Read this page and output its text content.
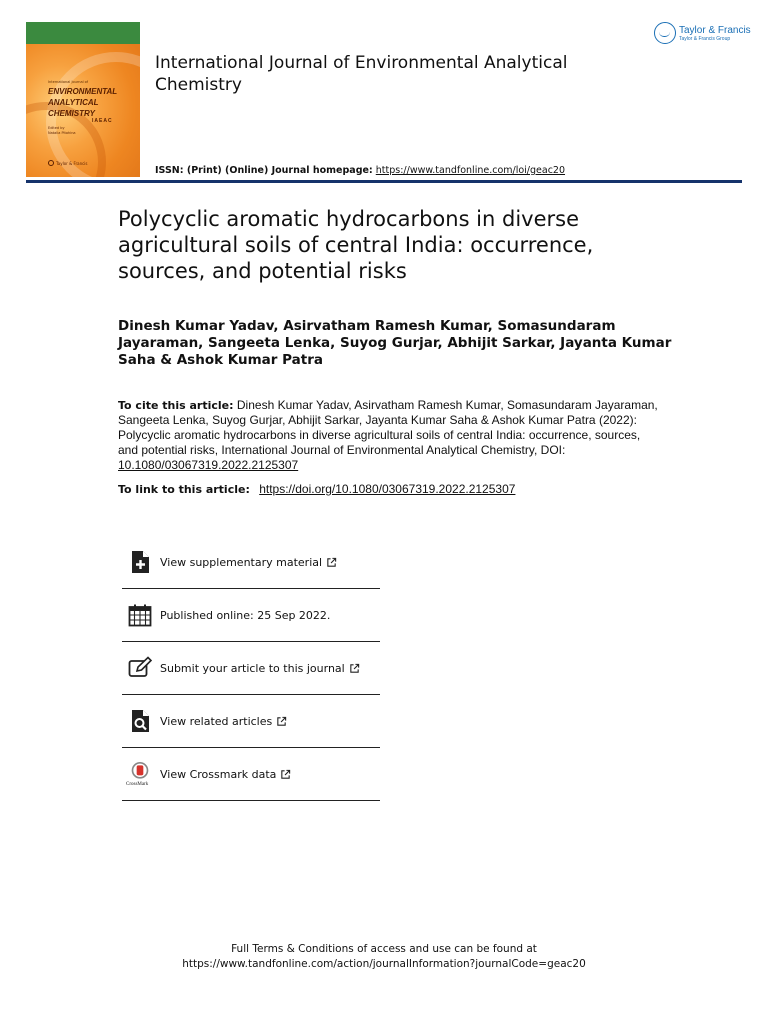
International Journal of
ENVIRONMENTAL
ANALYTICAL
CHEMISTRY
IAEAC
Edited by
Natalia Pitohina
Taylor & Francis
International Journal of Environmental Analytical Chemistry
ISSN: (Print) (Online) Journal homepage: https://www.tandfonline.com/loi/geac20
Taylor & Francis
Taylor & Francis Group
Polycyclic aromatic hydrocarbons in diverse agricultural soils of central India: occurrence, sources, and potential risks
Dinesh Kumar Yadav, Asirvatham Ramesh Kumar, Somasundaram Jayaraman, Sangeeta Lenka, Suyog Gurjar, Abhijit Sarkar, Jayanta Kumar Saha & Ashok Kumar Patra
To cite this article: Dinesh Kumar Yadav, Asirvatham Ramesh Kumar, Somasundaram Jayaraman, Sangeeta Lenka, Suyog Gurjar, Abhijit Sarkar, Jayanta Kumar Saha & Ashok Kumar Patra (2022): Polycyclic aromatic hydrocarbons in diverse agricultural soils of central India: occurrence, sources, and potential risks, International Journal of Environmental Analytical Chemistry, DOI: 10.1080/03067319.2022.2125307
To link to this article: https://doi.org/10.1080/03067319.2022.2125307
View supplementary material
Published online: 25 Sep 2022.
Submit your article to this journal
View related articles
CrossMark
View Crossmark data
Full Terms & Conditions of access and use can be found at
https://www.tandfonline.com/action/journalInformation?journalCode=geac20
